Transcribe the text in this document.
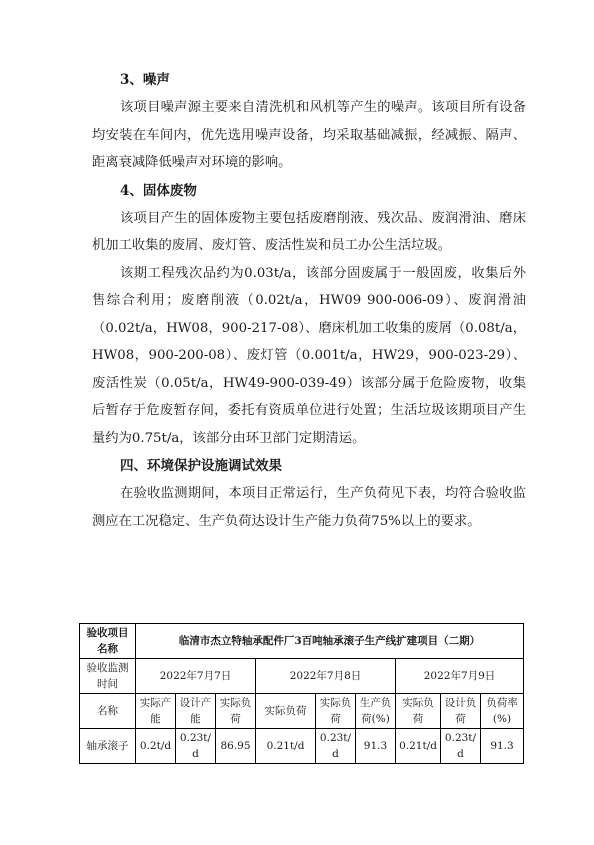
3、噪声

该项目噪声源主要来自清洗机和风机等产生的噪声。该项目所有设备均安装在车间内，优先选用噪声设备，均采取基础减振，经减振、隔声、距离衰减降低噪声对环境的影响。

4、固体废物

该项目产生的固体废物主要包括废磨削液、残次品、废润滑油、磨床机加工收集的废屑、废灯管、废活性炭和员工办公生活垃圾。

该期工程残次品约为0.03t/a，该部分固废属于一般固废，收集后外售综合利用；废磨削液（0.02t/a，HW09 900-006-09）、废润滑油（0.02t/a，HW08，900-217-08）、磨床机加工收集的废屑（0.08t/a，HW08，900-200-08）、废灯管（0.001t/a，HW29，900-023-29）、废活性炭（0.05t/a，HW49-900-039-49）该部分属于危险废物，收集后暂存于危废暂存间，委托有资质单位进行处置；生活垃圾该期项目产生量约为0.75t/a，该部分由环卫部门定期清运。

四、环境保护设施调试效果

在验收监测期间，本项目正常运行，生产负荷见下表，均符合验收监测应在工况稳定、生产负荷达设计生产能力负荷75%以上的要求。

验收项目名称	临清市杰立特轴承配件厂3百吨轴承滚子生产线扩建项目（二期）								
验收监测时间	2022年7月7日			2022年7月8日			2022年7月9日		
名称	实际产能	设计产能	实际负荷	实际负荷	实际负荷	生产负荷(%)	实际负荷	设计负荷	负荷率(%)
轴承滚子	0.2t/d	0.23t/d	86.95	0.21t/d	0.23t/d	91.3	0.21t/d	0.23t/d	91.3
